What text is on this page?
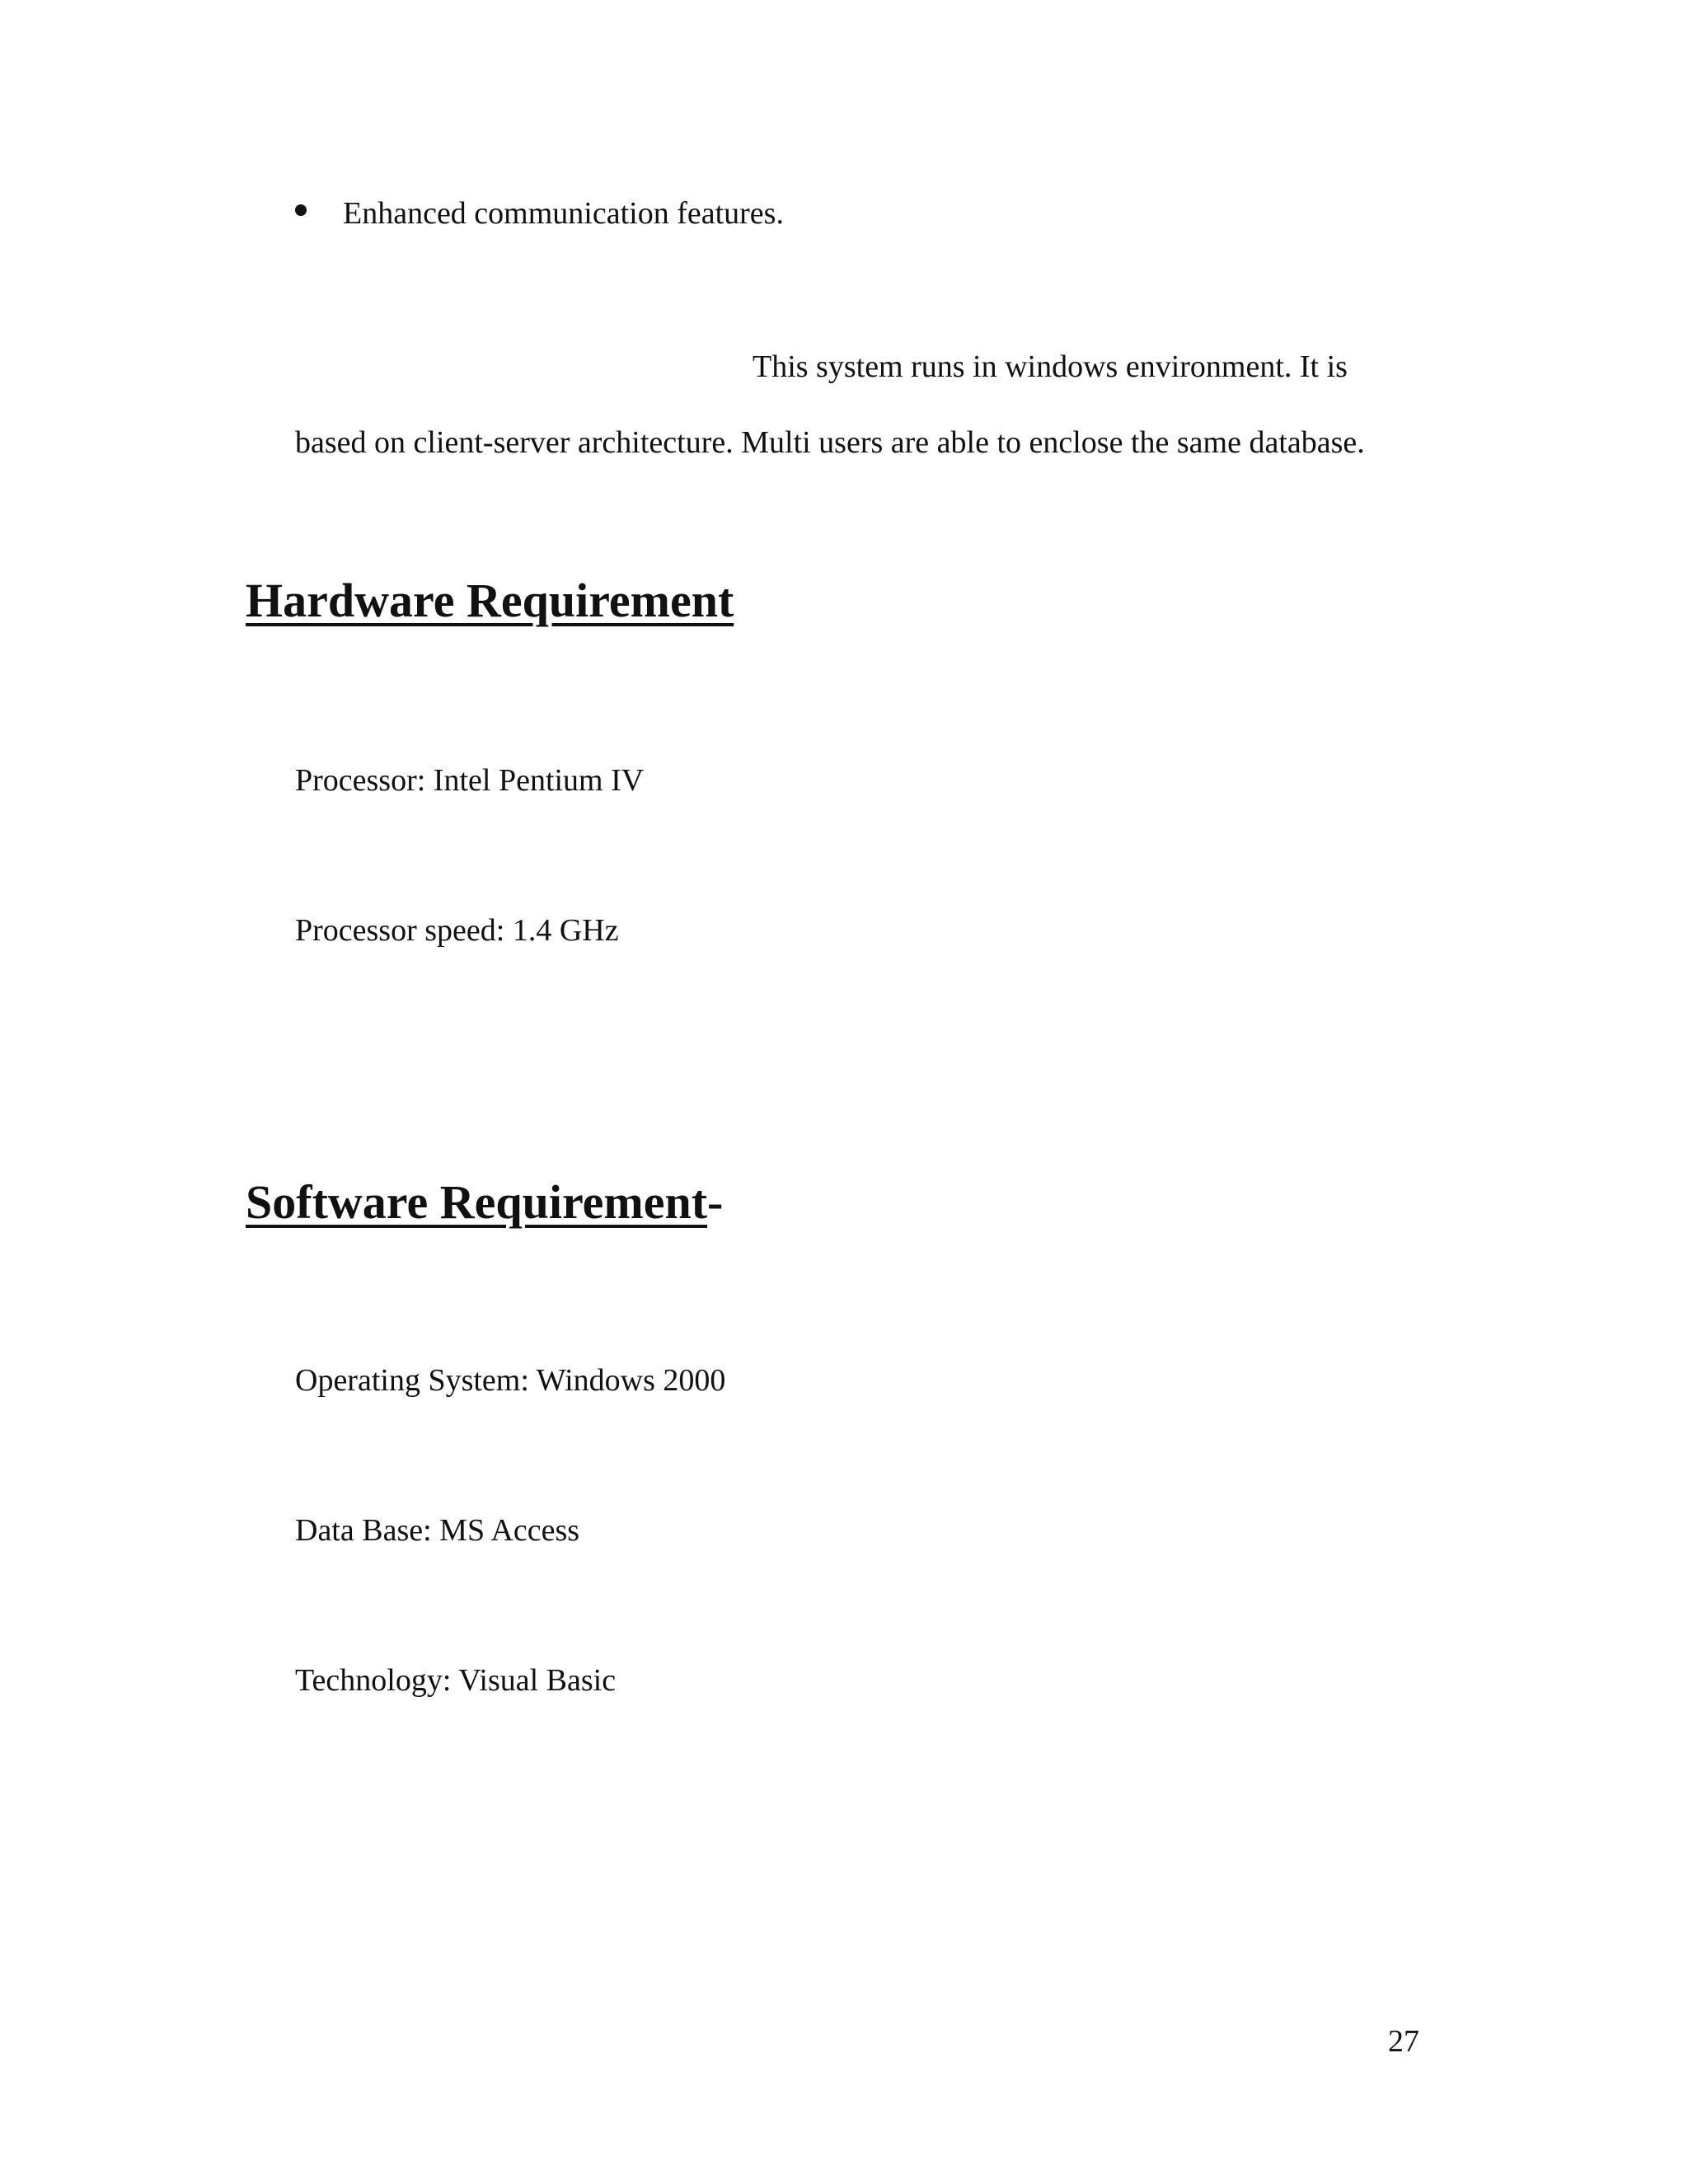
Enhanced communication features.
This system runs in windows environment. It is
based on client-server architecture. Multi users are able to enclose the same database.
Hardware Requirement
Processor: Intel Pentium IV
Processor speed: 1.4 GHz
Software Requirement-
Operating System: Windows 2000
Data Base: MS Access
Technology: Visual Basic
27
